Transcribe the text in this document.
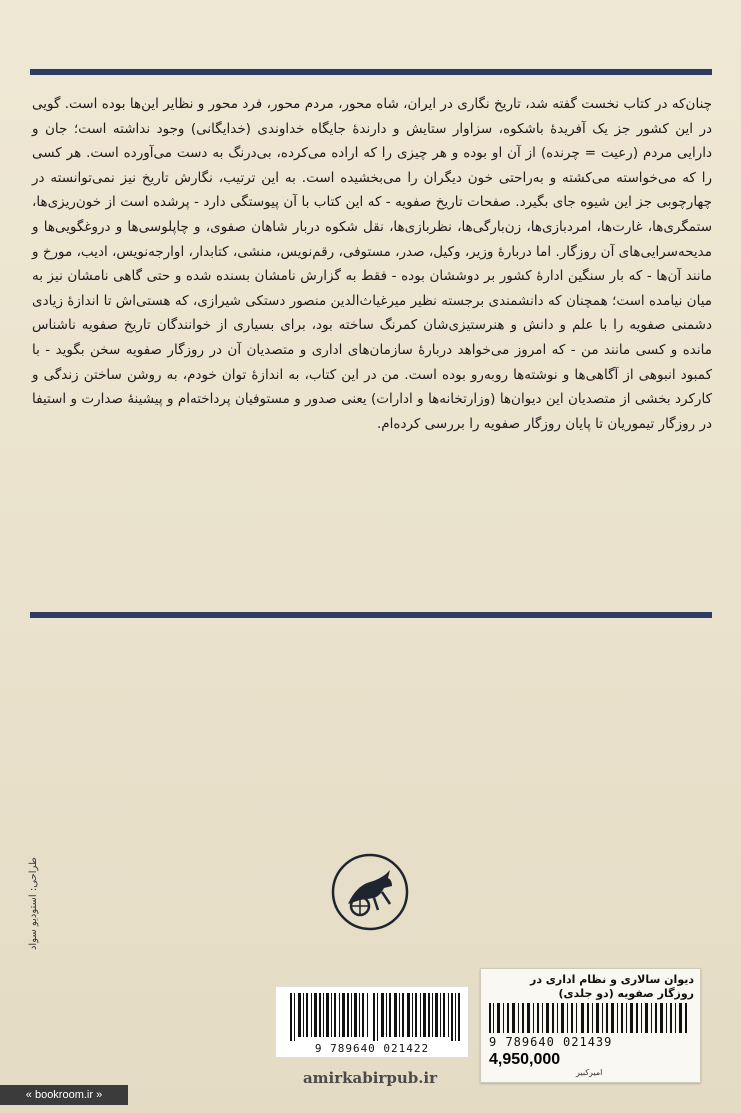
چنان‌که در کتاب نخست گفته شد، تاریخ نگاری در ایران، شاه محور، مردم محور، فرد محور و نظایر این‌ها بوده است. گویی در این کشور جز یک آفریدهٔ باشکوه، سزاوار ستایش و دارندهٔ جایگاه خداوندی (خدایگانی) وجود نداشته است؛ جان و دارایی مردم (رعیت = چرنده) از آن او بوده و هر چیزی را که اراده می‌کرده، بی‌درنگ به دست می‌آورده است. هر کسی را که می‌خواسته می‌کشته و به‌راحتی خون دیگران را می‌بخشیده است. به این ترتیب، نگارش تاریخ نیز نمی‌توانسته در چهارچوبی جز این شیوه جای بگیرد. صفحات تاریخ صفویه - که این کتاب با آن پیوستگی دارد - پرشده است از خون‌ریزی‌ها، ستمگری‌ها، غارت‌ها، امردبازی‌ها، زن‌بارگی‌ها، نظربازی‌ها، نقل شکوه دربار شاهان صفوی، و چاپلوسی‌ها و دروغگویی‌ها و مدیحه‌سرایی‌های آن روزگار. اما دربارهٔ وزیر، وکیل، صدر، مستوفی، رقم‌نویس، منشی، کتابدار، اوارجه‌نویس، ادیب، مورخ و مانند آن‌ها - که بار سنگین ادارهٔ کشور بر دوششان بوده - فقط به گزارش نامشان بسنده شده و حتی گاهی نامشان نیز به میان نیامده است؛ همچنان که دانشمندی برجسته نظیر میرغیاث‌الدین منصور دستکی شیرازی، که هستی‌اش تا اندازهٔ زیادی دشمنی صفویه را با علم و دانش و هنرستیزی‌شان کمرنگ ساخته بود، برای بسیاری از خوانندگان تاریخ صفویه ناشناس مانده و کسی مانند من - که امروز می‌خواهد دربارهٔ سازمان‌های اداری و متصدیان آن در روزگار صفویه سخن بگوید - با کمبود انبوهی از آگاهی‌ها و نوشته‌ها روبه‌رو بوده است. من در این کتاب، به اندازهٔ توان خودم، به روشن ساختن زندگی و کارکرد بخشی از متصدیان این دیوان‌ها (وزارتخانه‌ها و ادارات) یعنی صدور و مستوفیان پرداخته‌ام و پیشینهٔ صدارت و استیفا در روزگار تیموریان تا پایان روزگار صفویه را بررسی کرده‌ام.
طراحی: استودیو سواد
9 789640 021422
دیوان سالاری و نظام اداری در
روزگار صفویه (دو جلدی)
9 789640 021439
4,950,000
امیرکبیر
amirkabirpub.ir
« bookroom.ir »
